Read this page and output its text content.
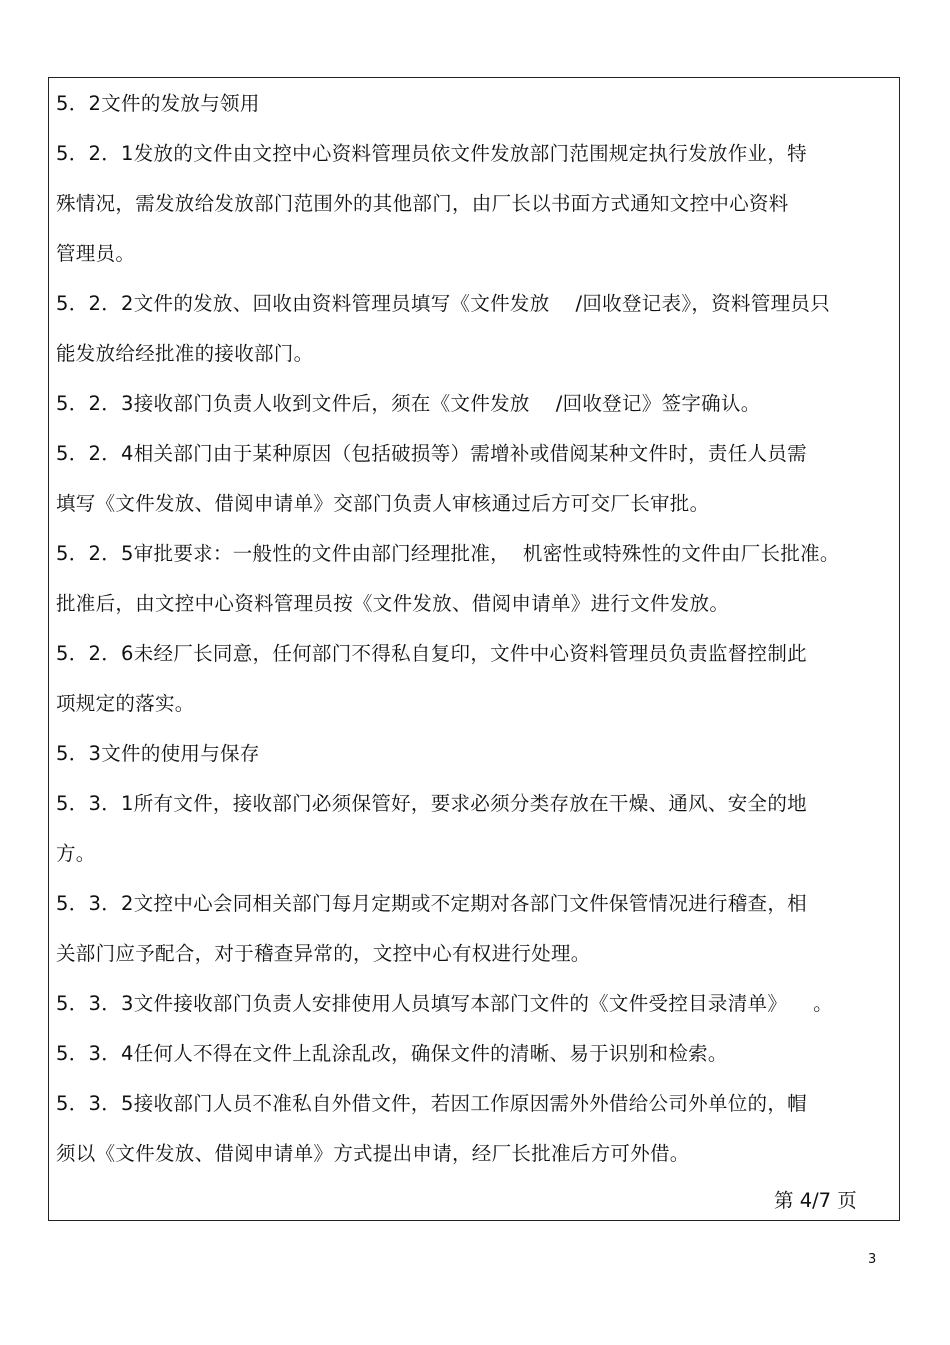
5．2文件的发放与领用
5．2．1发放的文件由文控中心资料管理员依文件发放部门范围规定执行发放作业，特
殊情况，需发放给发放部门范围外的其他部门，由厂长以书面方式通知文控中心资料
管理员。
5．2．2文件的发放、回收由资料管理员填写《文件发放    /回收登记表》，资料管理员只
能发放给经批准的接收部门。
5．2．3接收部门负责人收到文件后，须在《文件发放    /回收登记》签字确认。
5．2．4相关部门由于某种原因（包括破损等）需增补或借阅某种文件时，责任人员需
填写《文件发放、借阅申请单》交部门负责人审核通过后方可交厂长审批。
5．2．5审批要求：一般性的文件由部门经理批准，  机密性或特殊性的文件由厂长批准。
批准后，由文控中心资料管理员按《文件发放、借阅申请单》进行文件发放。
5．2．6未经厂长同意，任何部门不得私自复印，文件中心资料管理员负责监督控制此
项规定的落实。
5．3文件的使用与保存
5．3．1所有文件，接收部门必须保管好，要求必须分类存放在干燥、通风、安全的地
方。
5．3．2文控中心会同相关部门每月定期或不定期对各部门文件保管情况进行稽查，相
关部门应予配合，对于稽查异常的，文控中心有权进行处理。
5．3．3文件接收部门负责人安排使用人员填写本部门文件的《文件受控目录清单》    。
5．3．4任何人不得在文件上乱涂乱改，确保文件的清晰、易于识别和检索。
5．3．5接收部门人员不准私自外借文件，若因工作原因需外外借给公司外单位的，帽
须以《文件发放、借阅申请单》方式提出申请，经厂长批准后方可外借。
第 4/7 页
3
